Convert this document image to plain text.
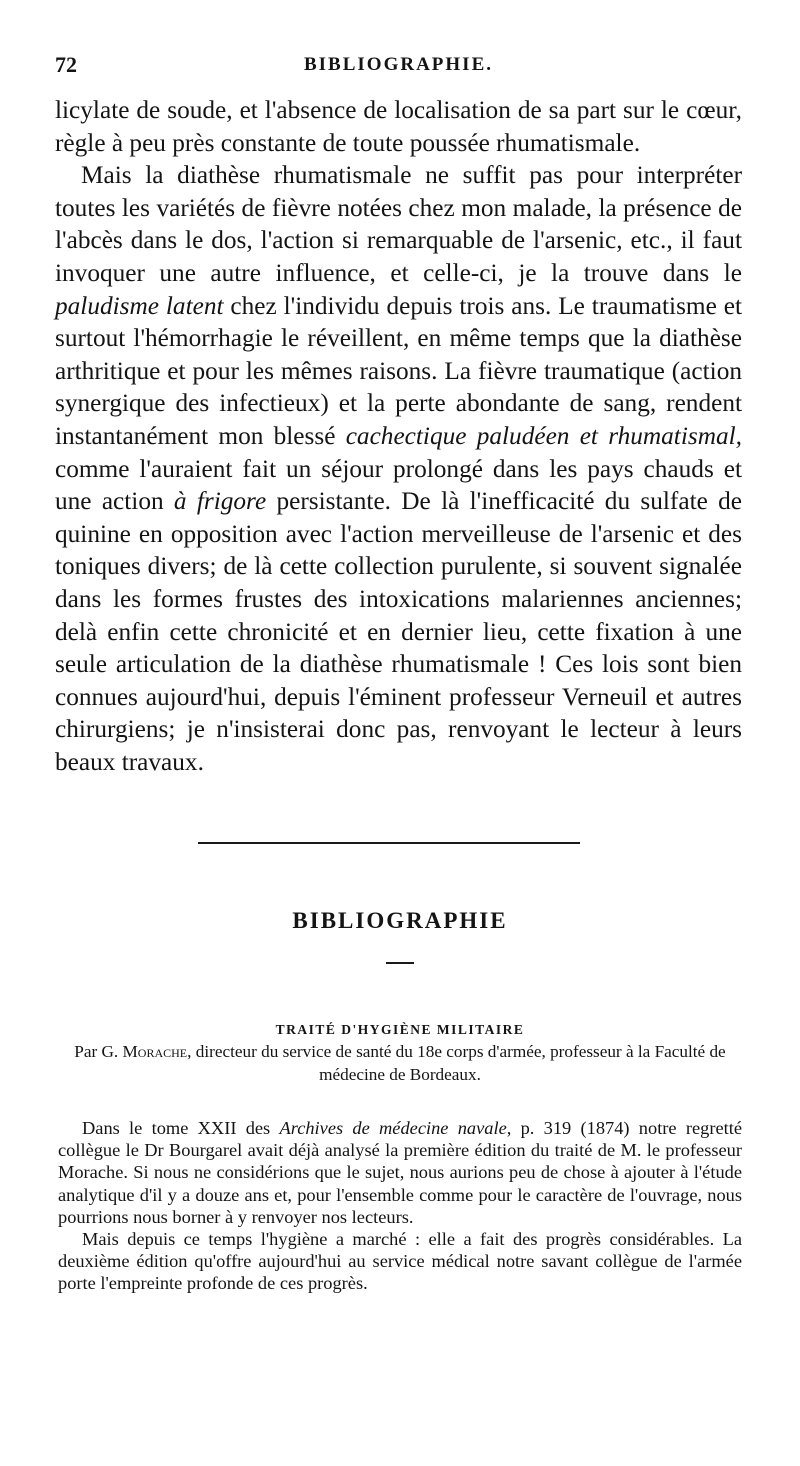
72	BIBLIOGRAPHIE.

licylate de soude, et l'absence de localisation de sa part sur le cœur, règle à peu près constante de toute poussée rhumatismale.

Mais la diathèse rhumatismale ne suffit pas pour interpréter toutes les variétés de fièvre notées chez mon malade, la présence de l'abcès dans le dos, l'action si remarquable de l'arsenic, etc., il faut invoquer une autre influence, et celle-ci, je la trouve dans le paludisme latent chez l'individu depuis trois ans. Le traumatisme et surtout l'hémorrhagie le réveillent, en même temps que la diathèse arthritique et pour les mêmes raisons. La fièvre traumatique (action synergique des infectieux) et la perte abondante de sang, rendent instantanément mon blessé cachectique paludéen et rhumatismal, comme l'auraient fait un séjour prolongé dans les pays chauds et une action à frigore persistante. De là l'inefficacité du sulfate de quinine en opposition avec l'action merveilleuse de l'arsenic et des toniques divers; de là cette collection purulente, si souvent signalée dans les formes frustes des intoxications malariennes anciennes; delà enfin cette chronicité et en dernier lieu, cette fixation à une seule articulation de la diathèse rhumatismale ! Ces lois sont bien connues aujourd'hui, depuis l'éminent professeur Verneuil et autres chirurgiens; je n'insisterai donc pas, renvoyant le lecteur à leurs beaux travaux.

BIBLIOGRAPHIE
TRAITÉ D'HYGIÈNE MILITAIRE
Par G. Morache, directeur du service de santé du 18e corps d'armée, professeur à la Faculté de médecine de Bordeaux.

Dans le tome XXII des Archives de médecine navale, p. 319 (1874) notre regretté collègue le Dr Bourgarel avait déjà analysé la première édition du traité de M. le professeur Morache. Si nous ne considérions que le sujet, nous aurions peu de chose à ajouter à l'étude analytique d'il y a douze ans et, pour l'ensemble comme pour le caractère de l'ouvrage, nous pourrions nous borner à y renvoyer nos lecteurs.

Mais depuis ce temps l'hygiène a marché : elle a fait des progrès considérables. La deuxième édition qu'offre aujourd'hui au service médical notre savant collègue de l'armée porte l'empreinte profonde de ces progrès.
